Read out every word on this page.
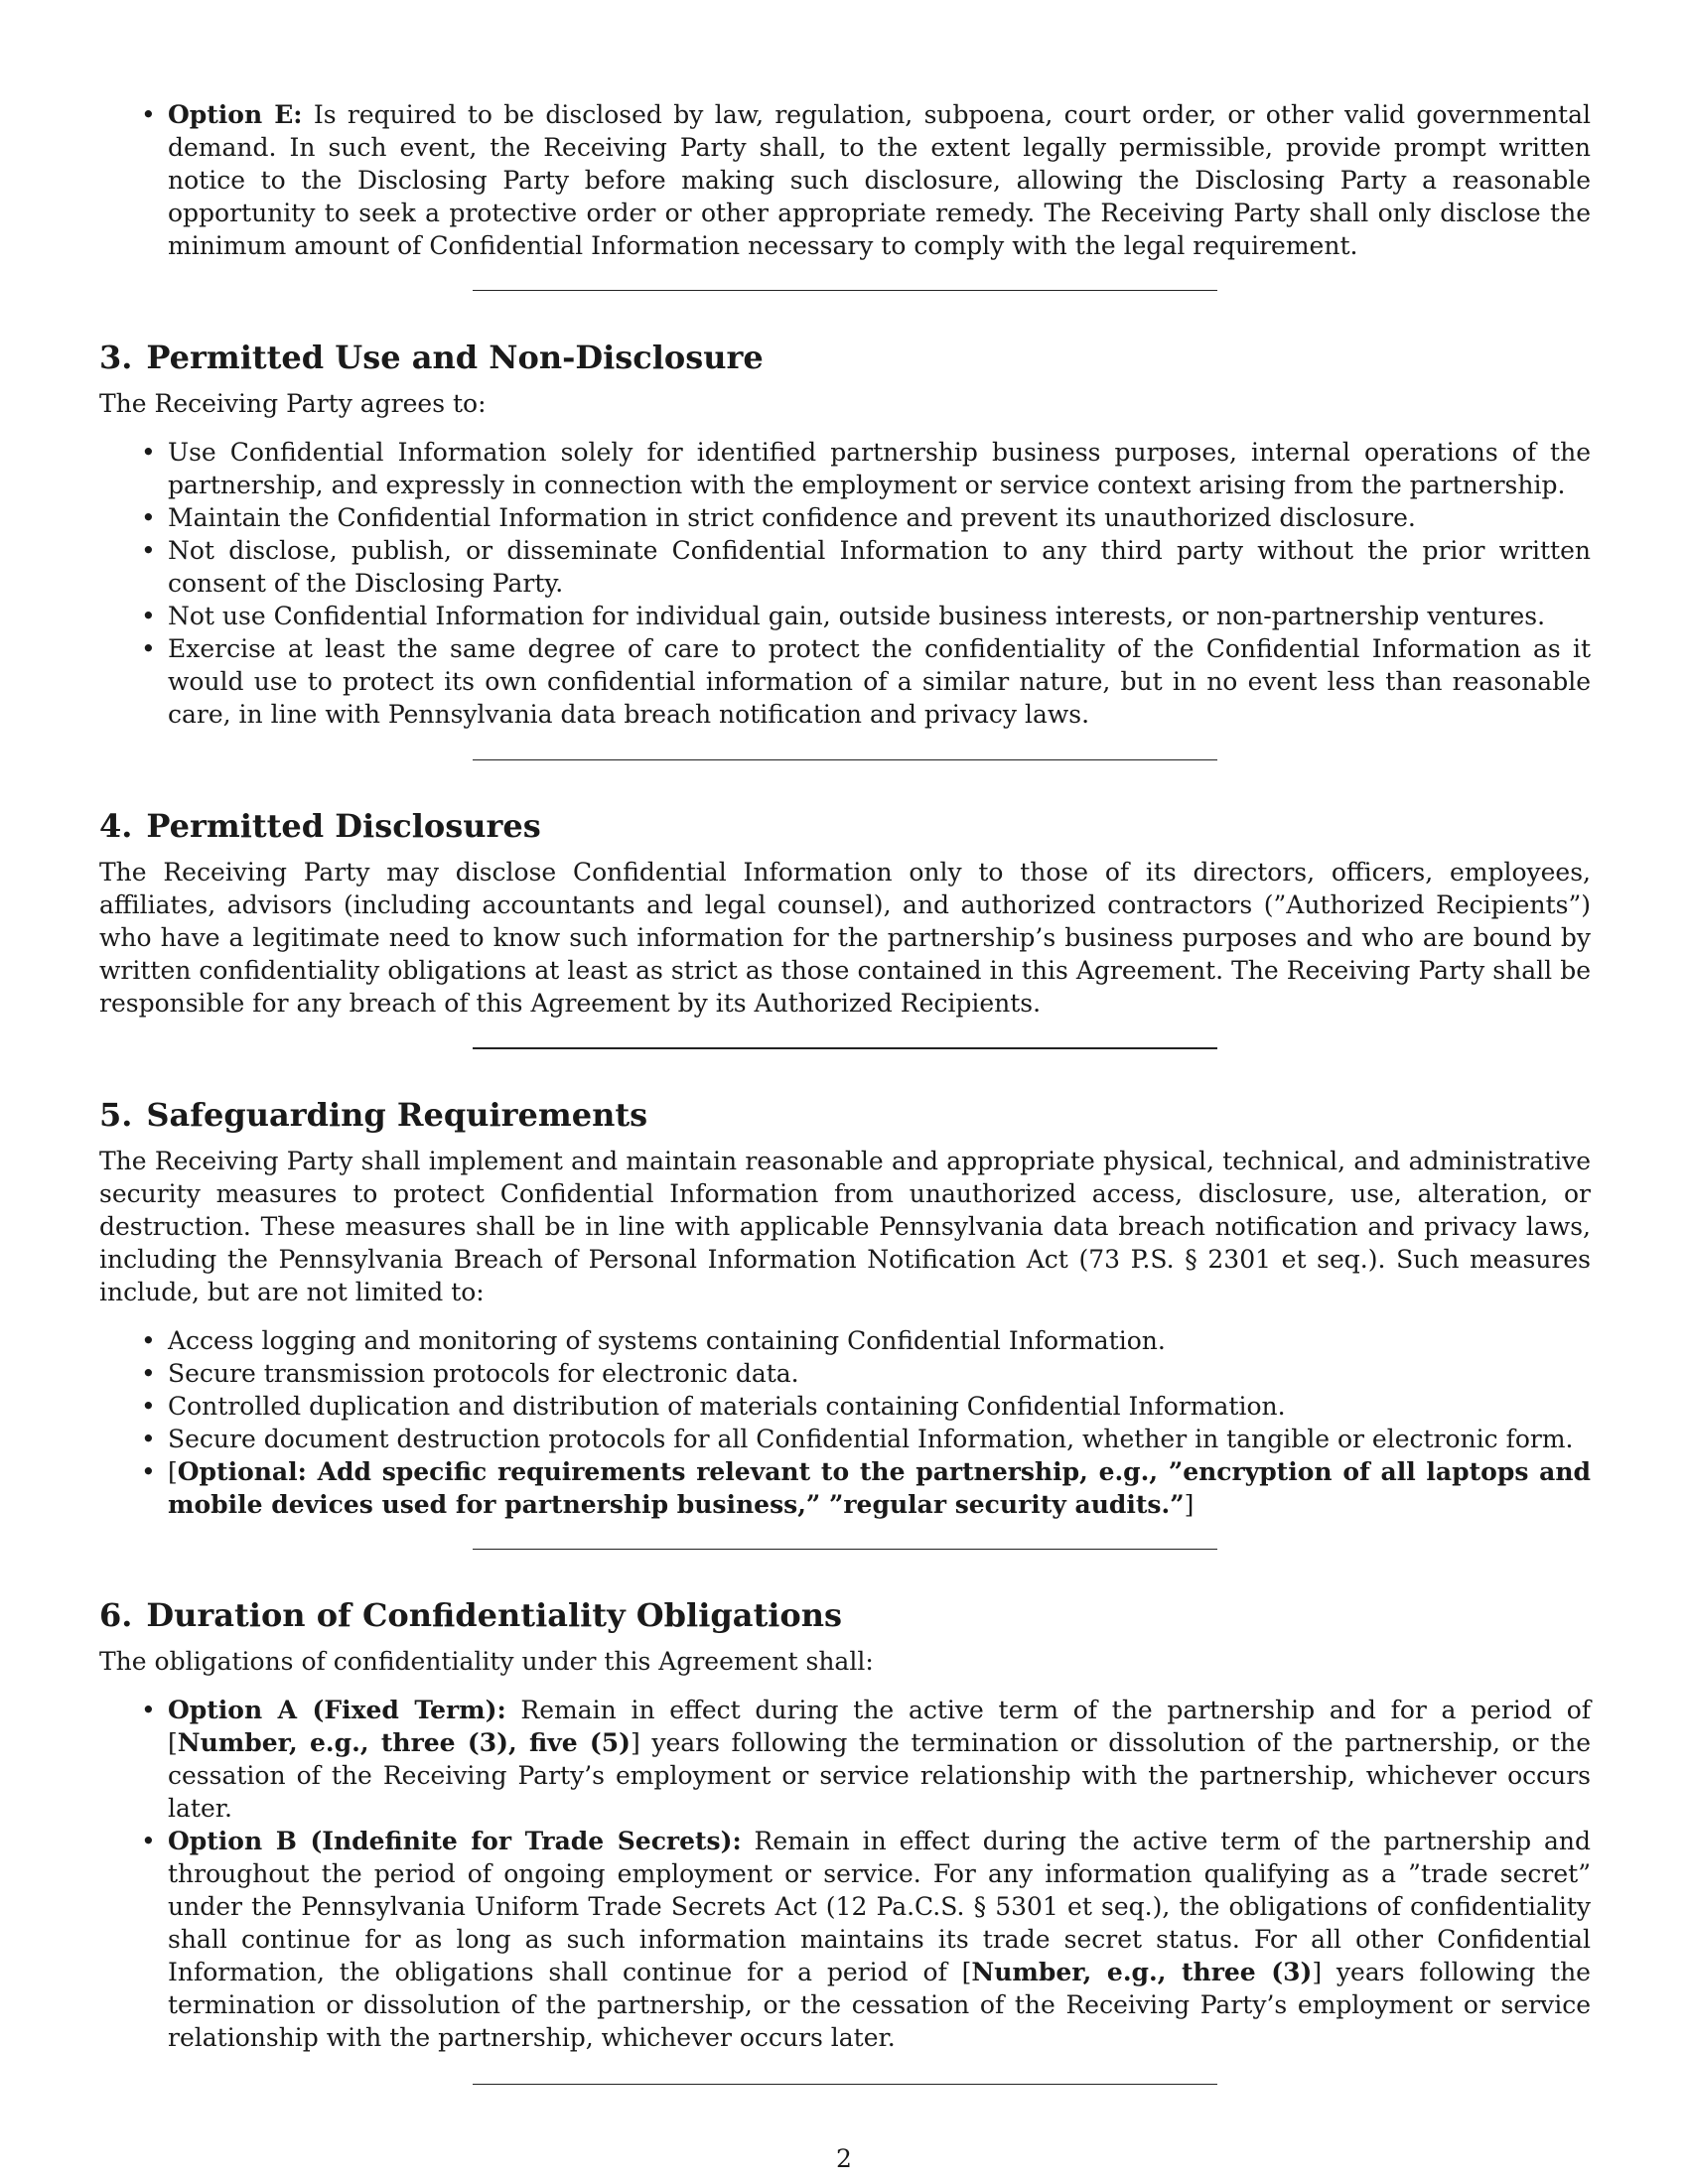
• Option E: Is required to be disclosed by law, regulation, subpoena, court order, or other valid governmental demand. In such event, the Receiving Party shall, to the extent legally permissible, provide prompt written notice to the Disclosing Party before making such disclosure, allowing the Disclosing Party a reasonable opportunity to seek a protective order or other appropriate remedy. The Receiving Party shall only disclose the minimum amount of Confidential Information necessary to comply with the legal requirement.
3. Permitted Use and Non-Disclosure

The Receiving Party agrees to:

• Use Confidential Information solely for identified partnership business purposes, internal operations of the partnership, and expressly in connection with the employment or service context arising from the partnership.
• Maintain the Confidential Information in strict confidence and prevent its unauthorized disclosure.
• Not disclose, publish, or disseminate Confidential Information to any third party without the prior written consent of the Disclosing Party.
• Not use Confidential Information for individual gain, outside business interests, or non-partnership ventures.
• Exercise at least the same degree of care to protect the confidentiality of the Confidential Information as it would use to protect its own confidential information of a similar nature, but in no event less than reasonable care, in line with Pennsylvania data breach notification and privacy laws.
4. Permitted Disclosures

The Receiving Party may disclose Confidential Information only to those of its directors, officers, employees, affiliates, advisors (including accountants and legal counsel), and authorized contractors (”Authorized Recipients”) who have a legitimate need to know such information for the partnership’s business purposes and who are bound by written confidentiality obligations at least as strict as those contained in this Agreement. The Receiving Party shall be responsible for any breach of this Agreement by its Authorized Recipients.

5. Safeguarding Requirements

The Receiving Party shall implement and maintain reasonable and appropriate physical, technical, and administrative security measures to protect Confidential Information from unauthorized access, disclosure, use, alteration, or destruction. These measures shall be in line with applicable Pennsylvania data breach notification and privacy laws, including the Pennsylvania Breach of Personal Information Notification Act (73 P.S. § 2301 et seq.). Such measures include, but are not limited to:

• Access logging and monitoring of systems containing Confidential Information.
• Secure transmission protocols for electronic data.
• Controlled duplication and distribution of materials containing Confidential Information.
• Secure document destruction protocols for all Confidential Information, whether in tangible or electronic form.
• [Optional: Add specific requirements relevant to the partnership, e.g., ”encryption of all laptops and mobile devices used for partnership business,” ”regular security audits.”]
6. Duration of Confidentiality Obligations

The obligations of confidentiality under this Agreement shall:

• Option A (Fixed Term): Remain in effect during the active term of the partnership and for a period of [Number, e.g., three (3), five (5)] years following the termination or dissolution of the partnership, or the cessation of the Receiving Party’s employment or service relationship with the partnership, whichever occurs later.
• Option B (Indefinite for Trade Secrets): Remain in effect during the active term of the partnership and throughout the period of ongoing employment or service. For any information qualifying as a ”trade secret” under the Pennsylvania Uniform Trade Secrets Act (12 Pa.C.S. § 5301 et seq.), the obligations of confidentiality shall continue for as long as such information maintains its trade secret status. For all other Confidential Information, the obligations shall continue for a period of [Number, e.g., three (3)] years following the termination or dissolution of the partnership, or the cessation of the Receiving Party’s employment or service relationship with the partnership, whichever occurs later.
2
